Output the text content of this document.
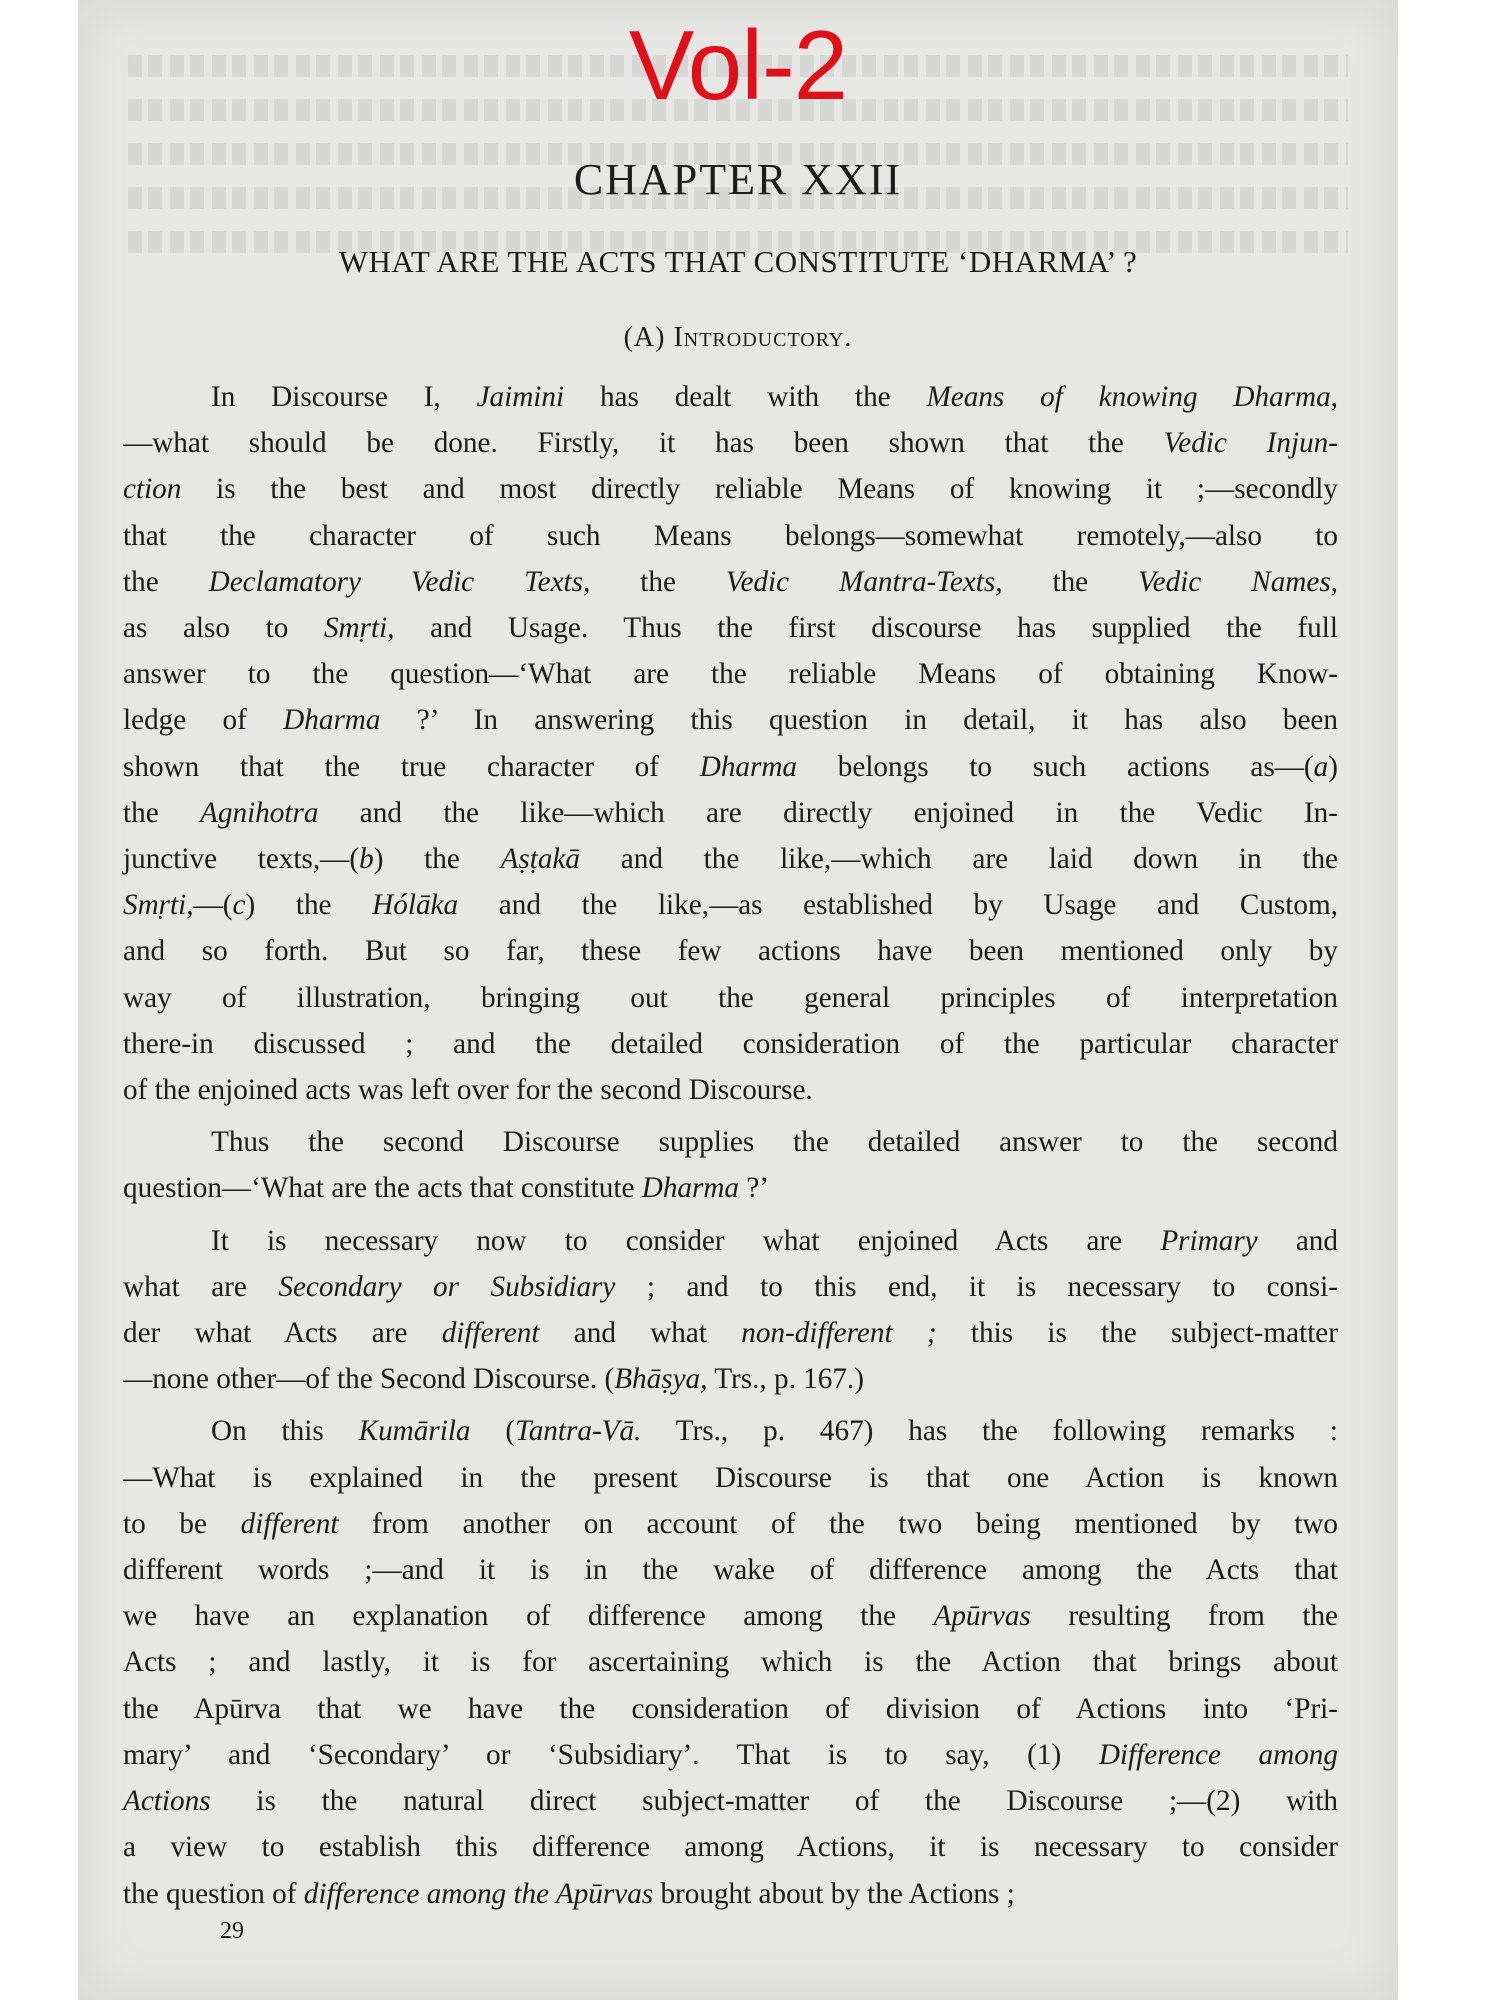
Vol-2
CHAPTER XXII
WHAT ARE THE ACTS THAT CONSTITUTE ‘DHARMA’ ?
(A) Introductory.

In Discourse I, Jaimini has dealt with the Means of knowing Dharma,
—what should be done. Firstly, it has been shown that the Vedic Injun-
ction is the best and most directly reliable Means of knowing it ;—secondly
that the character of such Means belongs—somewhat remotely,—also to
the Declamatory Vedic Texts, the Vedic Mantra-Texts, the Vedic Names,
as also to Smṛti, and Usage. Thus the first discourse has supplied the full
answer to the question—‘What are the reliable Means of obtaining Know-
ledge of Dharma ?’ In answering this question in detail, it has also been
shown that the true character of Dharma belongs to such actions as—(a)
the Agnihotra and the like—which are directly enjoined in the Vedic In-
junctive texts,—(b) the Aṣṭakā and the like,—which are laid down in the
Smṛti,—(c) the Hólāka and the like,—as established by Usage and Custom,
and so forth. But so far, these few actions have been mentioned only by
way of illustration, bringing out the general principles of interpretation
there-in discussed ; and the detailed consideration of the particular character
of the enjoined acts was left over for the second Discourse.

Thus the second Discourse supplies the detailed answer to the second
question—‘What are the acts that constitute Dharma ?’

It is necessary now to consider what enjoined Acts are Primary and
what are Secondary or Subsidiary ; and to this end, it is necessary to consi-
der what Acts are different and what non-different ; this is the subject-matter
—none other—of the Second Discourse. (Bhāṣya, Trs., p. 167.)

On this Kumārila (Tantra-Vā. Trs., p. 467) has the following remarks :
—What is explained in the present Discourse is that one Action is known
to be different from another on account of the two being mentioned by two
different words ;—and it is in the wake of difference among the Acts that
we have an explanation of difference among the Apūrvas resulting from the
Acts ; and lastly, it is for ascertaining which is the Action that brings about
the Apūrva that we have the consideration of division of Actions into ‘Pri-
mary’ and ‘Secondary’ or ‘Subsidiary’. That is to say, (1) Difference among
Actions is the natural direct subject-matter of the Discourse ;—(2) with
a view to establish this difference among Actions, it is necessary to consider
the question of difference among the Apūrvas brought about by the Actions ;

29
